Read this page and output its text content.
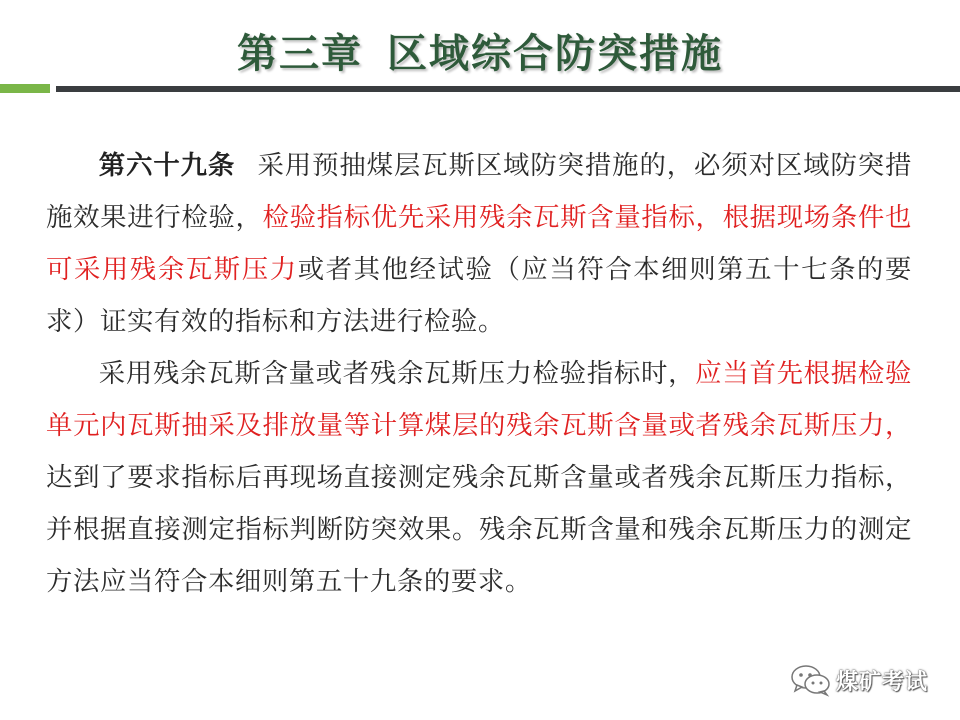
第三章 区域综合防突措施

第六十九条 采用预抽煤层瓦斯区域防突措施的，必须对区域防突措施效果进行检验，检验指标优先采用残余瓦斯含量指标，根据现场条件也可采用残余瓦斯压力或者其他经试验（应当符合本细则第五十七条的要求）证实有效的指标和方法进行检验。

采用残余瓦斯含量或者残余瓦斯压力检验指标时，应当首先根据检验单元内瓦斯抽采及排放量等计算煤层的残余瓦斯含量或者残余瓦斯压力，达到了要求指标后再现场直接测定残余瓦斯含量或者残余瓦斯压力指标，并根据直接测定指标判断防突效果。残余瓦斯含量和残余瓦斯压力的测定方法应当符合本细则第五十九条的要求。

煤矿考试
